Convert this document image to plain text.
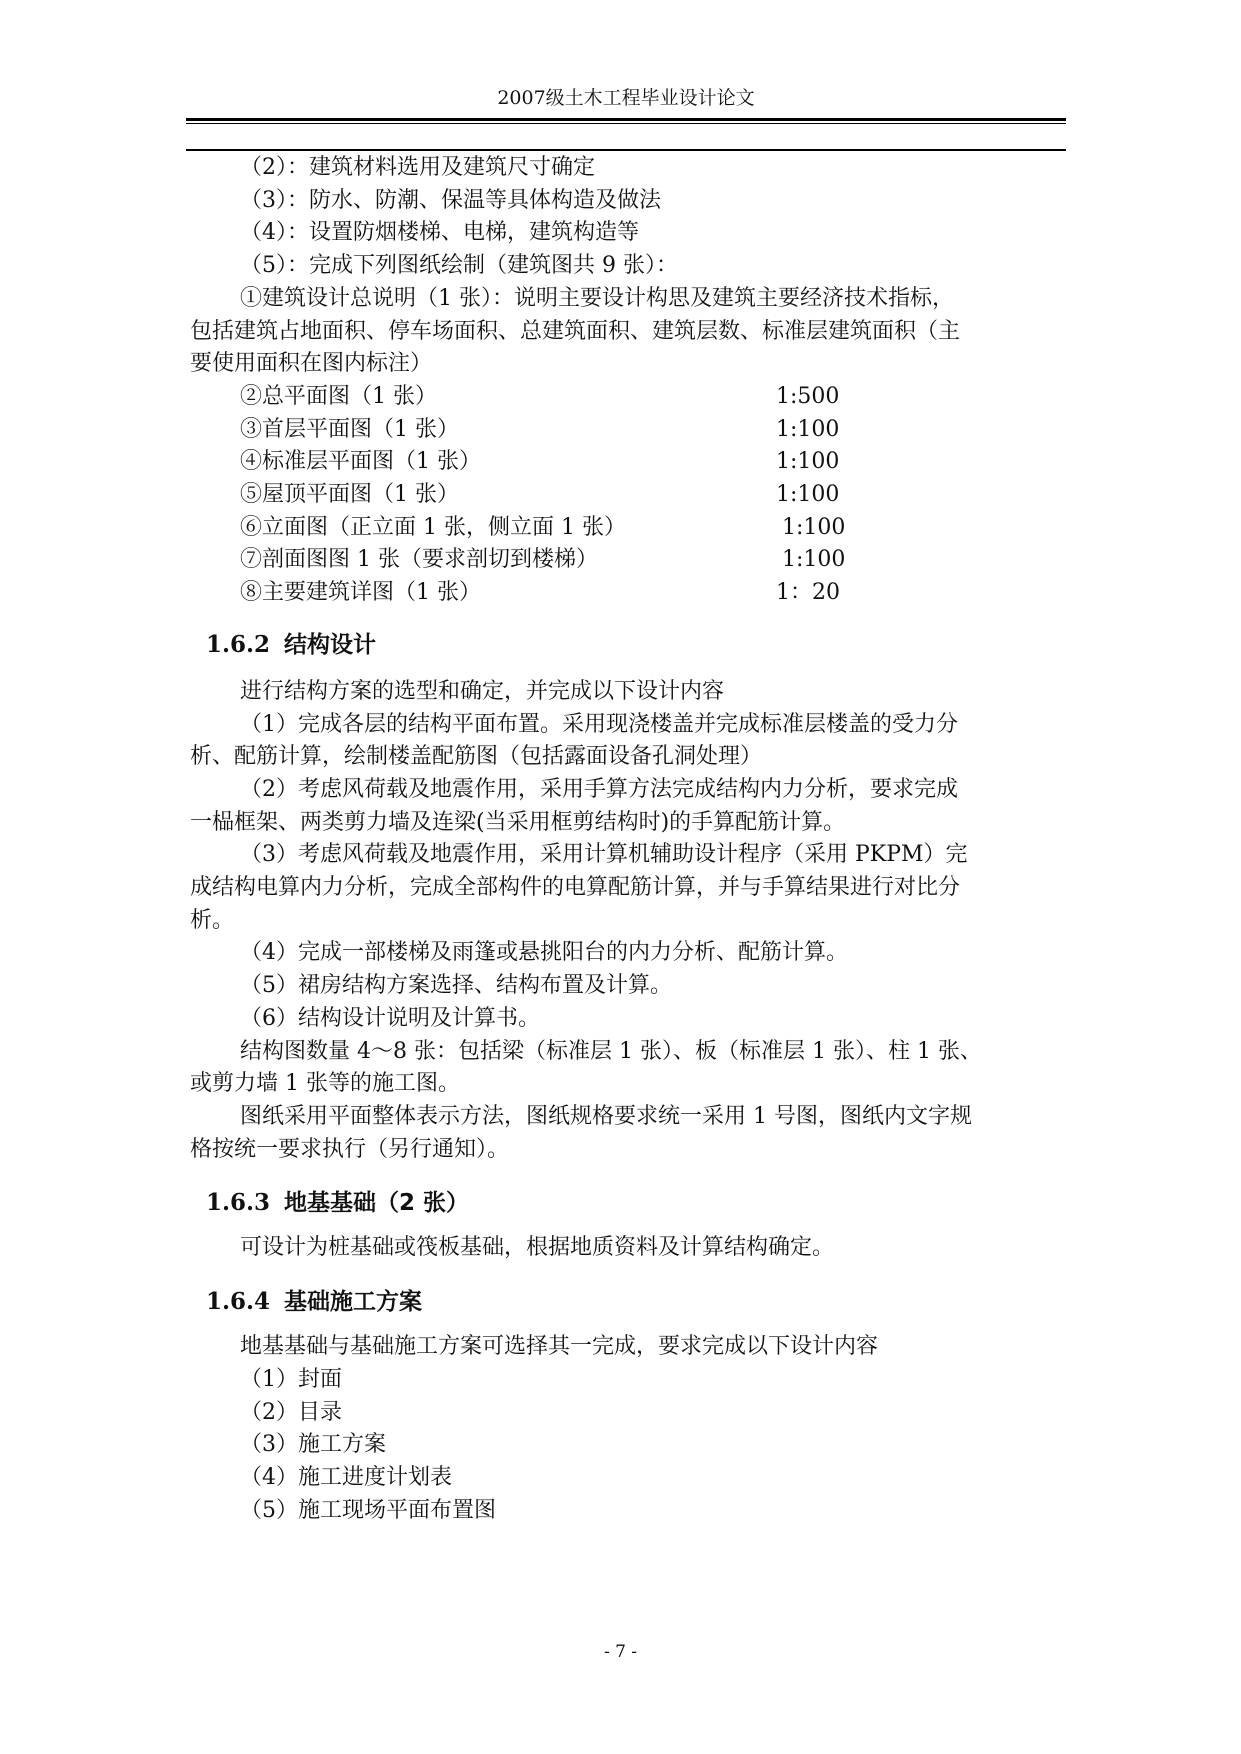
2007级土木工程毕业设计论文

（2）：建筑材料选用及建筑尺寸确定

（3）：防水、防潮、保温等具体构造及做法

（4）：设置防烟楼梯、电梯，建筑构造等

（5）：完成下列图纸绘制（建筑图共 9 张）：

①建筑设计总说明（1 张）：说明主要设计构思及建筑主要经济技术指标，

包括建筑占地面积、停车场面积、总建筑面积、建筑层数、标准层建筑面积（主

要使用面积在图内标注）

②总平面图（1 张）	1:500
③首层平面图（1 张）	1:100
④标准层平面图（1 张）	1:100
⑤屋顶平面图（1 张）	1:100
⑥立面图（正立面 1 张，侧立面 1 张）	1:100
⑦剖面图图 1 张（要求剖切到楼梯）	1:100
⑧主要建筑详图（1 张）	1：20
1.6.2 结构设计

进行结构方案的选型和确定，并完成以下设计内容

（1）完成各层的结构平面布置。采用现浇楼盖并完成标准层楼盖的受力分

析、配筋计算，绘制楼盖配筋图（包括露面设备孔洞处理）

（2）考虑风荷载及地震作用，采用手算方法完成结构内力分析，要求完成

一榀框架、两类剪力墙及连梁(当采用框剪结构时)的手算配筋计算。

（3）考虑风荷载及地震作用，采用计算机辅助设计程序（采用 PKPM）完

成结构电算内力分析，完成全部构件的电算配筋计算，并与手算结果进行对比分

析。

（4）完成一部楼梯及雨篷或悬挑阳台的内力分析、配筋计算。

（5）裙房结构方案选择、结构布置及计算。

（6）结构设计说明及计算书。

结构图数量 4～8 张：包括梁（标准层 1 张）、板（标准层 1 张）、柱 1 张、

或剪力墙 1 张等的施工图。

图纸采用平面整体表示方法，图纸规格要求统一采用 1 号图，图纸内文字规

格按统一要求执行（另行通知）。

1.6.3 地基基础（2 张）

可设计为桩基础或筏板基础，根据地质资料及计算结构确定。

1.6.4 基础施工方案

地基基础与基础施工方案可选择其一完成，要求完成以下设计内容

（1）封面

（2）目录

（3）施工方案

（4）施工进度计划表

（5）施工现场平面布置图

- 7 -
